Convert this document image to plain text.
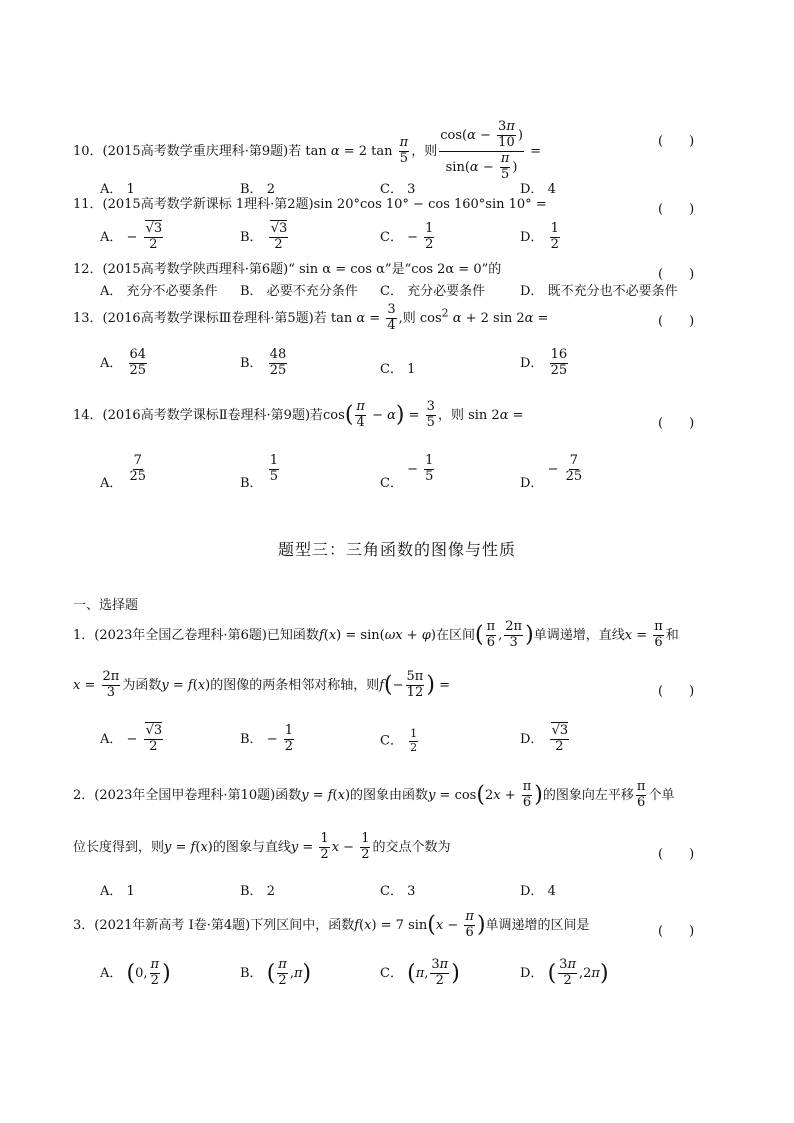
10．(2015高考数学重庆理科·第9题)若 tan α = 2 $\tan \frac{\pi}{5}$ ，则 $\frac{\cos(\alpha - \frac{3\pi}{10} )}{\sin(\alpha - \frac{\pi}{5} )}$ =
(　　)
A． 1	B． 2	C． 3	D． 4
11．(2015高考数学新课标 1理科·第2题)sin 20°cos 10° − cos 160°sin 10° =	(　　)
A． − $\frac{√3}{2}$	B． $\frac{√3}{2}$	C． − $\frac{1}{2}$	D． $\frac{1}{2}$
12．(2015高考数学陕西理科·第6题)“ sin α = cos α”是“cos 2α = 0”的	(　　)
A． 充分不必要条件 B． 必要不充分条件 C． 充分必要条件	D． 既不充分也不必要条件
13．(2016高考数学课标Ⅲ卷理科·第5题)若 $\tan \alpha = \frac{3}{4}$ ,则 $\cos^2 \alpha + 2$ sin 2α =	(　　)
A． $\frac{64}{25}$	B． $\frac{48}{25}$	C． 1	D． $\frac{16}{25}$
14．(2016高考数学课标Ⅱ卷理科·第9题)若$\cos( \frac{\pi}{4} - \alpha) = \frac{3}{5}$ ，则 sin 2α =
(　　)
A． $\frac{7}{25}$	B． $\frac{1}{5}$	C． − $\frac{1}{5}$	D． − $\frac{7}{25}$
题型三：三角函数的图像与性质
一、选择题
1．(2023年全国乙卷理科·第6题)已知函数f(x) = sin(ωx + φ)在区间( $\frac{\pi}{6}$ , $\frac{2\pi}{3}$ )单调递增，直线$x = \frac{\pi}{6}$ 和
$x = \frac{2\pi}{3}$ 为函数y = f(x)的图像的两条相邻对称轴，则$f(- \frac{5\pi}{12}$ ) =	(　　)
A． − $\frac{√3}{2}$	B． − $\frac{1}{2}$	C． $\frac{1}{2}$	D． $\frac{√3}{2}$
2．(2023年全国甲卷理科·第10题)函数y = f(x)的图象由函数$y = \cos(2x + \frac{\pi}{6}$ )的图象向左平移 $\frac{\pi}{6}$ 个单
位长度得到，则y = f(x)的图象与直线$y = \frac{1}{2}$ $x - \frac{1}{2}$ 的交点个数为	(　　)
A． 1	B． 2	C． 3	D． 4
3．(2021年新高考 Ⅰ卷·第4题)下列区间中，函数f(x) = 7 $\sin(x - \frac{\pi}{6}$ )单调递增的区间是	(　　)
A． (0, $\frac{\pi}{2}$ )	B． ( $\frac{\pi}{2} ,\pi$)	C． (π, $\frac{3\pi}{2}$ )	D． ( $\frac{3\pi}{2} ,2\pi$)
